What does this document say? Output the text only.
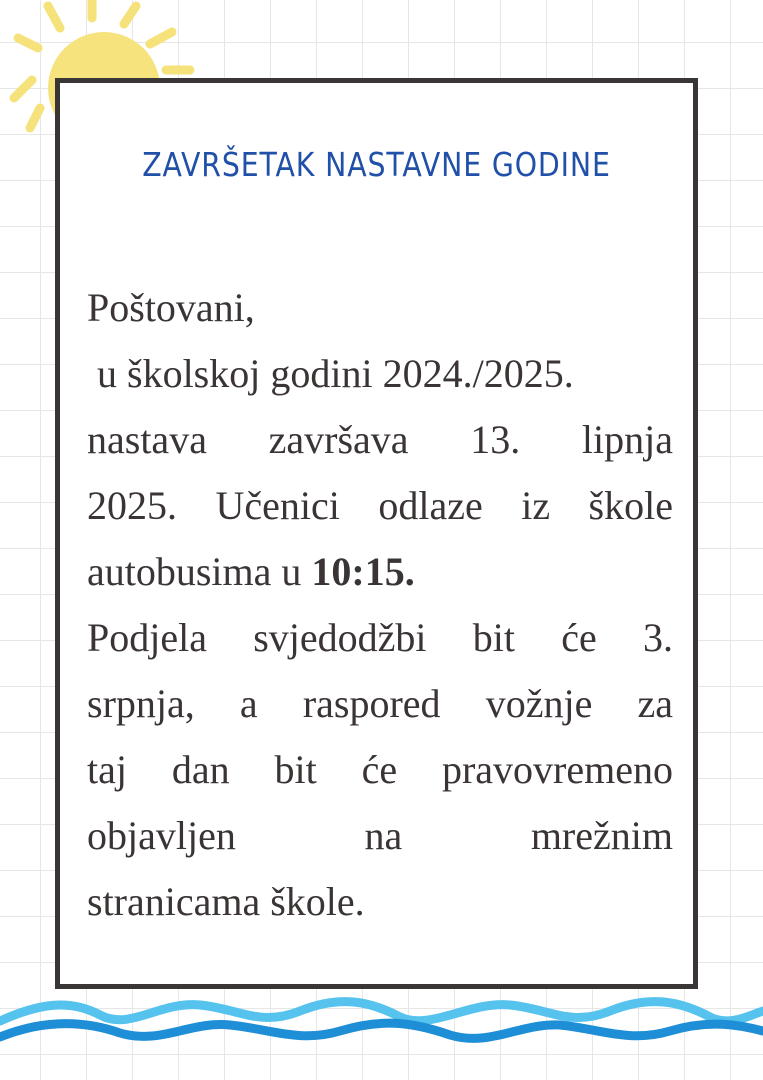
ZAVRŠETAK NASTAVNE GODINE
Poštovani,
u školskoj godini 2024./2025.
nastava završava 13. lipnja
2025. Učenici odlaze iz škole
autobusima u 10:15.
Podjela svjedodžbi bit će 3.
srpnja, a raspored vožnje za
taj dan bit će pravovremeno
objavljen na mrežnim
stranicama škole.
